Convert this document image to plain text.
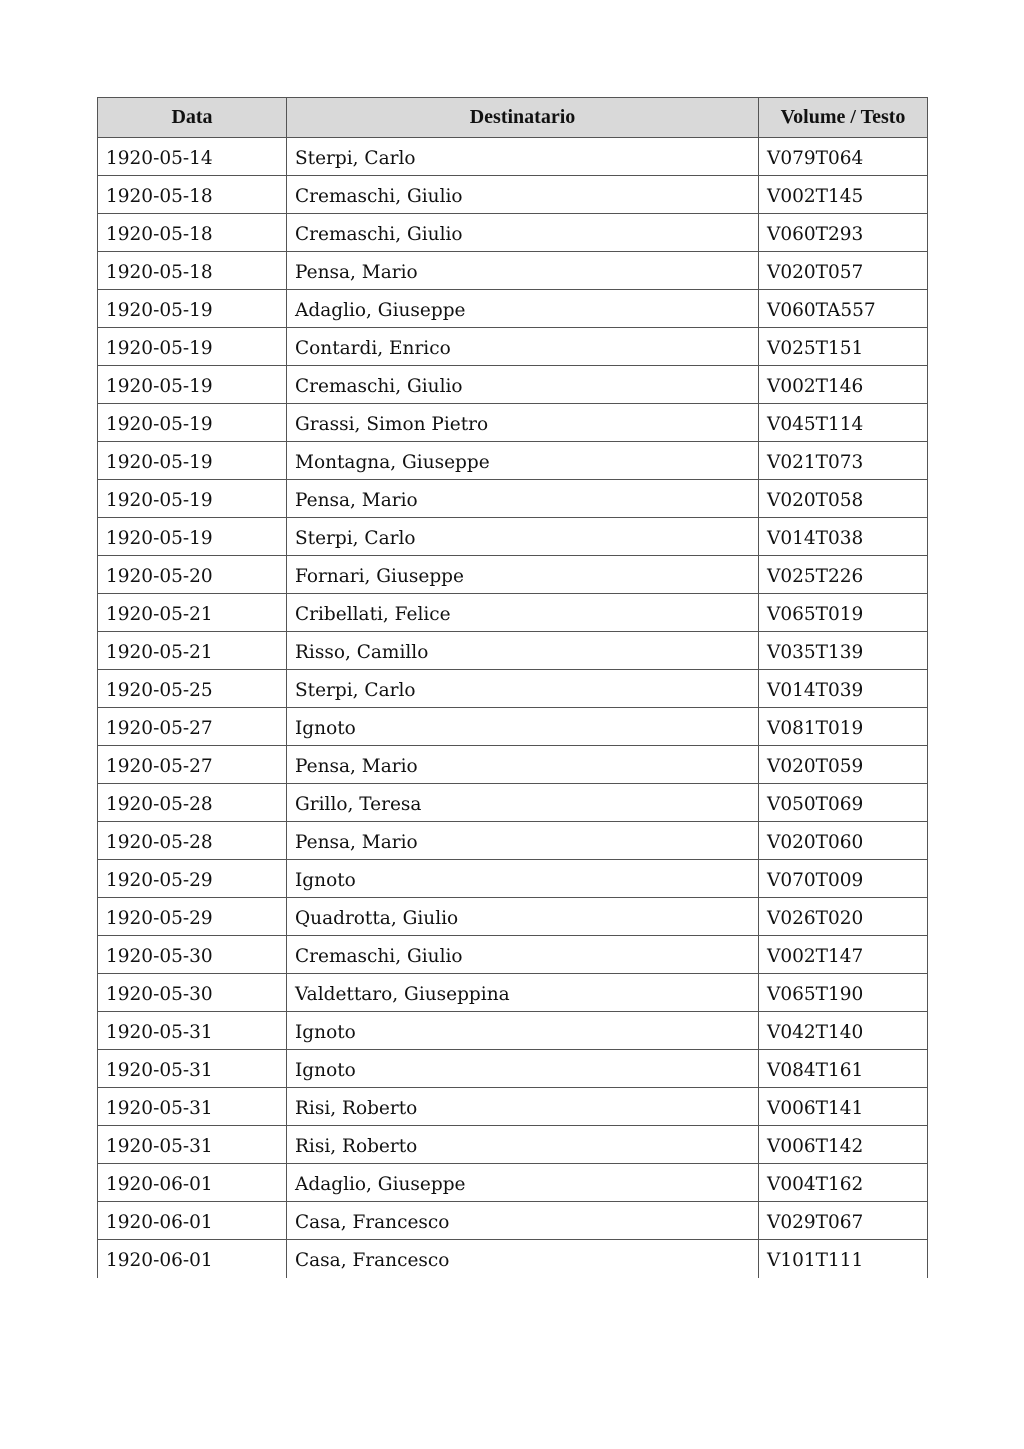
Data	Destinatario	Volume / Testo
1920-05-14	Sterpi, Carlo	V079T064
1920-05-18	Cremaschi, Giulio	V002T145
1920-05-18	Cremaschi, Giulio	V060T293
1920-05-18	Pensa, Mario	V020T057
1920-05-19	Adaglio, Giuseppe	V060TA557
1920-05-19	Contardi, Enrico	V025T151
1920-05-19	Cremaschi, Giulio	V002T146
1920-05-19	Grassi, Simon Pietro	V045T114
1920-05-19	Montagna, Giuseppe	V021T073
1920-05-19	Pensa, Mario	V020T058
1920-05-19	Sterpi, Carlo	V014T038
1920-05-20	Fornari, Giuseppe	V025T226
1920-05-21	Cribellati, Felice	V065T019
1920-05-21	Risso, Camillo	V035T139
1920-05-25	Sterpi, Carlo	V014T039
1920-05-27	Ignoto	V081T019
1920-05-27	Pensa, Mario	V020T059
1920-05-28	Grillo, Teresa	V050T069
1920-05-28	Pensa, Mario	V020T060
1920-05-29	Ignoto	V070T009
1920-05-29	Quadrotta, Giulio	V026T020
1920-05-30	Cremaschi, Giulio	V002T147
1920-05-30	Valdettaro, Giuseppina	V065T190
1920-05-31	Ignoto	V042T140
1920-05-31	Ignoto	V084T161
1920-05-31	Risi, Roberto	V006T141
1920-05-31	Risi, Roberto	V006T142
1920-06-01	Adaglio, Giuseppe	V004T162
1920-06-01	Casa, Francesco	V029T067
1920-06-01	Casa, Francesco	V101T111
